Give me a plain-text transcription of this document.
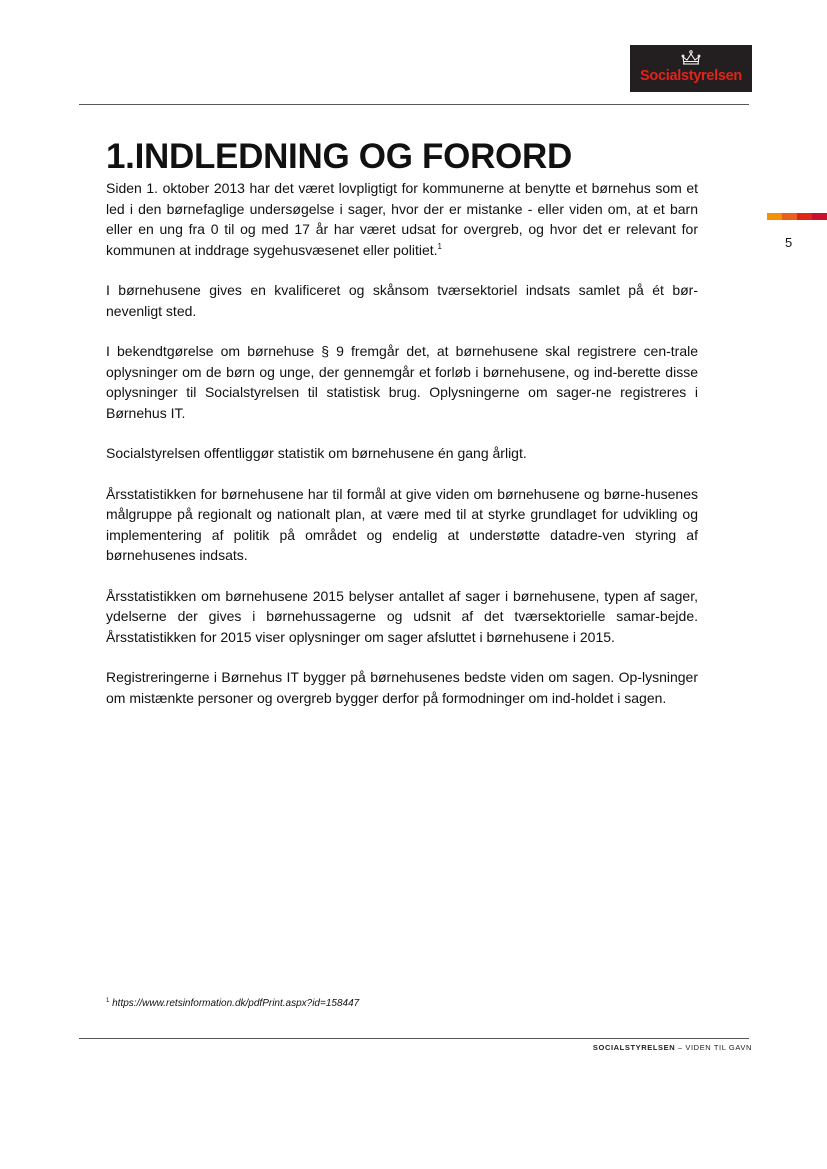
Socialstyrelsen
5
1.INDLEDNING OG FORORD

Siden 1. oktober 2013 har det været lovpligtigt for kommunerne at benytte et børnehus som et led i den børnefaglige undersøgelse i sager, hvor der er mistanke - eller viden om, at et barn eller en ung fra 0 til og med 17 år har været udsat for overgreb, og hvor det er relevant for kommunen at inddrage sygehusvæsenet eller politiet.$^1$

I børnehusene gives en kvalificeret og skånsom tværsektoriel indsats samlet på ét bør-nevenligt sted.

I bekendtgørelse om børnehuse § 9 fremgår det, at børnehusene skal registrere cen-trale oplysninger om de børn og unge, der gennemgår et forløb i børnehusene, og ind-berette disse oplysninger til Socialstyrelsen til statistisk brug. Oplysningerne om sager-ne registreres i Børnehus IT.

Socialstyrelsen offentliggør statistik om børnehusene én gang årligt.

Årsstatistikken for børnehusene har til formål at give viden om børnehusene og børne-husenes målgruppe på regionalt og nationalt plan, at være med til at styrke grundlaget for udvikling og implementering af politik på området og endelig at understøtte datadre-ven styring af børnehusenes indsats.

Årsstatistikken om børnehusene 2015 belyser antallet af sager i børnehusene, typen af sager, ydelserne der gives i børnehussagerne og udsnit af det tværsektorielle samar-bejde. Årsstatistikken for 2015 viser oplysninger om sager afsluttet i børnehusene i 2015.

Registreringerne i Børnehus IT bygger på børnehusenes bedste viden om sagen. Op-lysninger om mistænkte personer og overgreb bygger derfor på formodninger om ind-holdet i sagen.

$^1$ https://www.retsinformation.dk/pdfPrint.aspx?id=158447
SOCIALSTYRELSEN – VIDEN TIL GAVN
